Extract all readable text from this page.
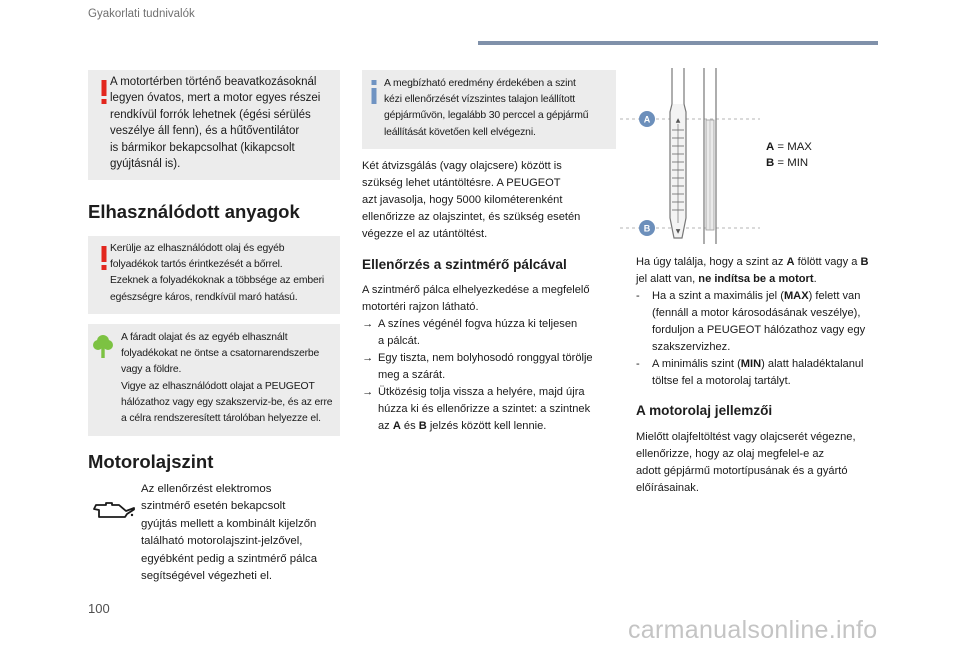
Gyakorlati tudnivalók
A motortérben történő beavatkozásoknál
legyen óvatos, mert a motor egyes részei
rendkívül forrók lehetnek (égési sérülés
veszélye áll fenn), és a hűtőventilátor
is bármikor bekapcsolhat (kikapcsolt
gyújtásnál is).
Elhasználódott anyagok
Kerülje az elhasználódott olaj és egyéb
folyadékok tartós érintkezését a bőrrel.
Ezeknek a folyadékoknak a többsége az emberi
egészségre káros, rendkívül maró hatású.
A fáradt olajat és az egyéb elhasznált
folyadékokat ne öntse a csatornarendszerbe
vagy a földre.
Vigye az elhasználódott olajat a PEUGEOT
hálózathoz vagy egy szakszerviz-be, és az erre
a célra rendszeresített tárolóban helyezze el.
Motorolajszint
Az ellenőrzést elektromos
szintmérő esetén bekapcsolt
gyújtás mellett a kombinált kijelzőn
található motorolajszint-jelzővel,
egyébként pedig a szintmérő pálca
segítségével végezheti el.
A megbízható eredmény érdekében a szint
kézi ellenőrzését vízszintes talajon leállított
gépjárművön, legalább 30 perccel a gépjármű
leállítását követően kell elvégezni.
Két átvizsgálás (vagy olajcsere) között is
szükség lehet utántöltésre. A PEUGEOT
azt javasolja, hogy 5000 kilométerenként
ellenőrizze az olajszintet, és szükség esetén
végezze el az utántöltést.
Ellenőrzés a szintmérő pálcával
A szintmérő pálca elhelyezkedése a megfelelő
motortéri rajzon látható.
→ A színes végénél fogva húzza ki teljesen
a pálcát.
→ Egy tiszta, nem bolyhosodó ronggyal törölje
meg a szárát.
→ Ütközésig tolja vissza a helyére, majd újra
húzza ki és ellenőrizze a szintet: a szintnek
az A és B jelzés között kell lennie.
▲
▼
A
B
A = MAX
B = MIN
Ha úgy találja, hogy a szint az A fölött vagy a B
jel alatt van, ne indítsa be a motort.
- Ha a szint a maximális jel (MAX) felett van
(fennáll a motor károsodásának veszélye),
forduljon a PEUGEOT hálózathoz vagy egy
szakszervizhez.
- A minimális szint (MIN) alatt haladéktalanul
töltse fel a motorolaj tartályt.
A motorolaj jellemzői
Mielőtt olajfeltöltést vagy olajcserét végezne,
ellenőrizze, hogy az olaj megfelel-e az
adott gépjármű motortípusának és a gyártó
előírásainak.
100
carmanualsonline.info
